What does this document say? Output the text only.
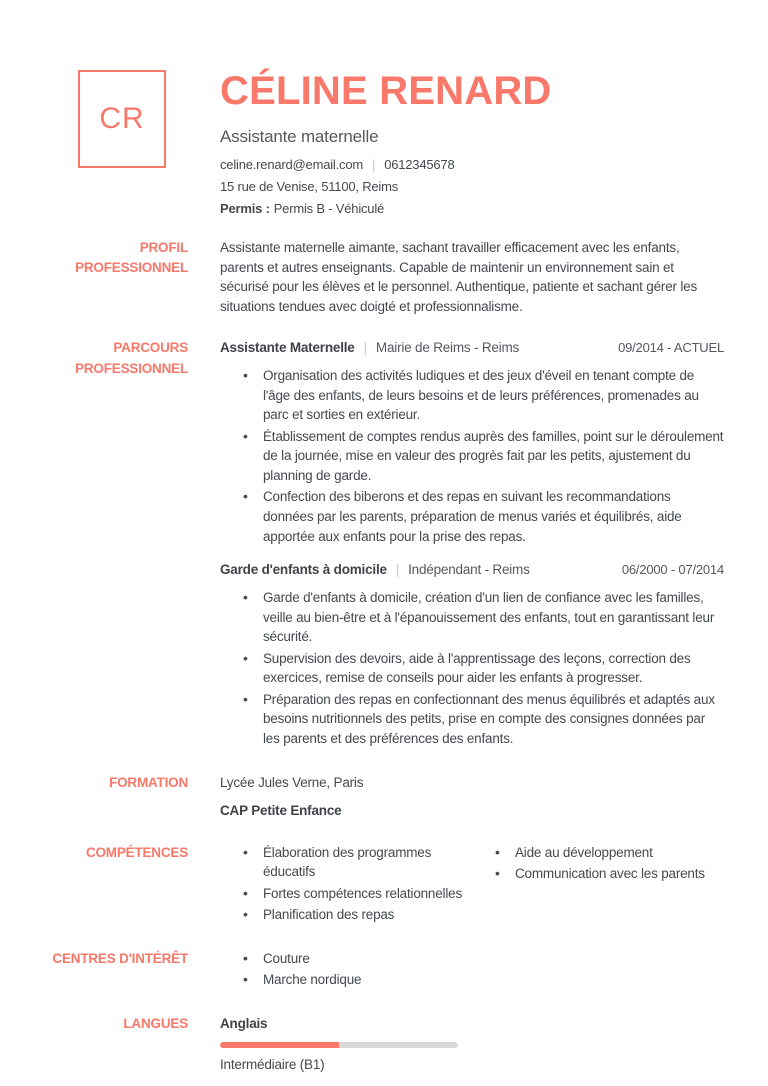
CR
CÉLINE RENARD

Assistante maternelle

celine.renard@email.com | 0612345678

15 rue de Venise, 51100, Reims

Permis : Permis B - Véhiculé

PROFIL PROFESSIONNEL

Assistante maternelle aimante, sachant travailler efficacement avec les enfants, parents et autres enseignants. Capable de maintenir un environnement sain et sécurisé pour les élèves et le personnel. Authentique, patiente et sachant gérer les situations tendues avec doigté et professionnalisme.

PARCOURS PROFESSIONNEL
Assistante Maternelle | Mairie de Reims - Reims	09/2014 - ACTUEL
• Organisation des activités ludiques et des jeux d'éveil en tenant compte de l'âge des enfants, de leurs besoins et de leurs préférences, promenades au parc et sorties en extérieur.
• Établissement de comptes rendus auprès des familles, point sur le déroulement de la journée, mise en valeur des progrès fait par les petits, ajustement du planning de garde.
• Confection des biberons et des repas en suivant les recommandations données par les parents, préparation de menus variés et équilibrés, aide apportée aux enfants pour la prise des repas.
Garde d'enfants à domicile | Indépendant - Reims	06/2000 - 07/2014
• Garde d'enfants à domicile, création d'un lien de confiance avec les familles, veille au bien-être et à l'épanouissement des enfants, tout en garantissant leur sécurité.
• Supervision des devoirs, aide à l'apprentissage des leçons, correction des exercices, remise de conseils pour aider les enfants à progresser.
• Préparation des repas en confectionnant des menus équilibrés et adaptés aux besoins nutritionnels des petits, prise en compte des consignes données par les parents et des préférences des enfants.
FORMATION Lycée Jules Verne, Paris

CAP Petite Enfance

COMPÉTENCES	• Élaboration des programmes éducatifs
• Fortes compétences relationnelles
• Planification des repas
• Aide au développement
• Communication avec les parents
CENTRES D'INTÉRÊT	• Couture
• Marche nordique
LANGUES Anglais

Intermédiaire (B1)
